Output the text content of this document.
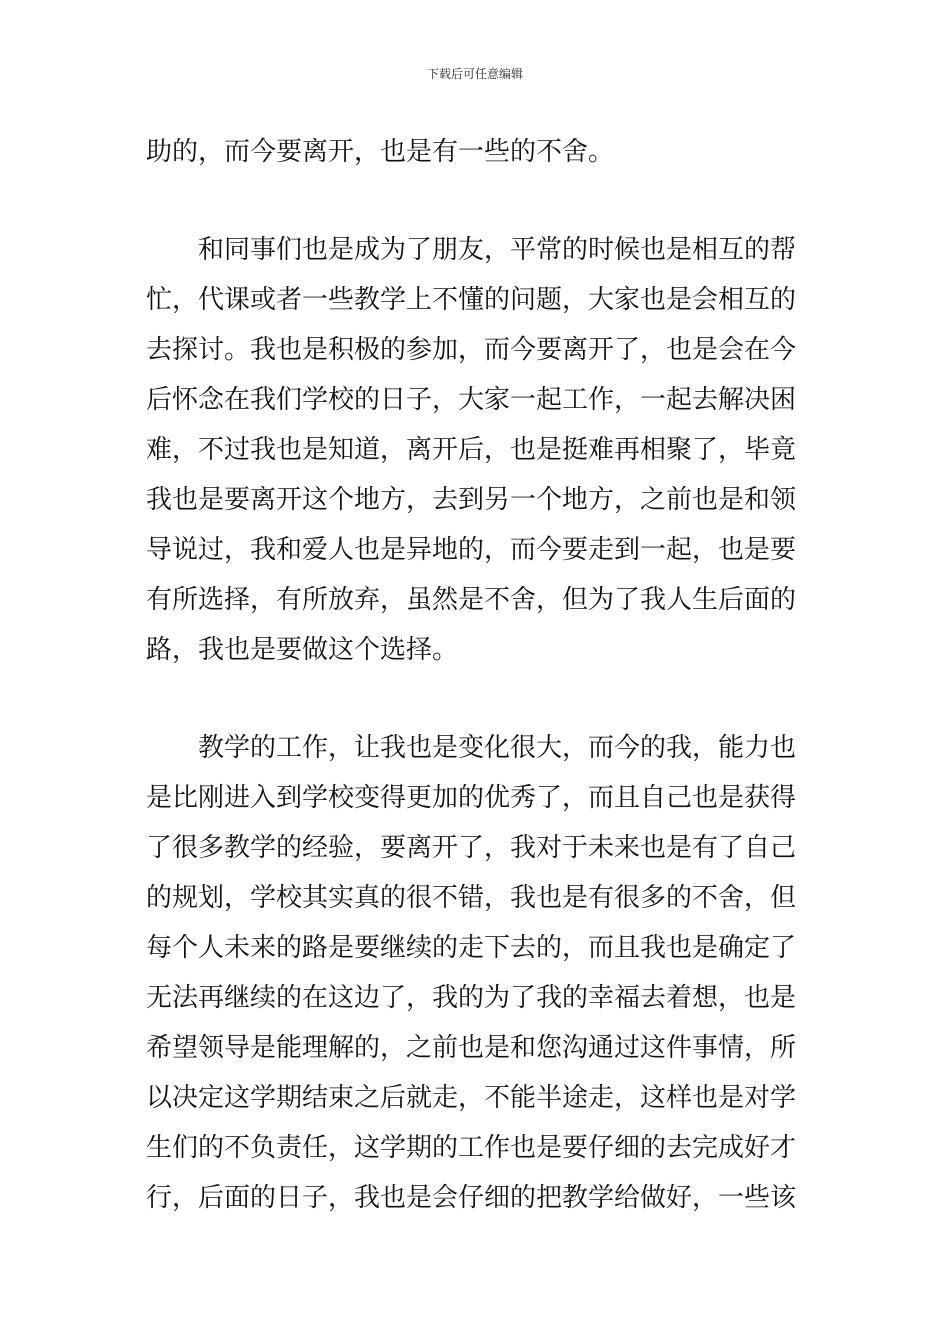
下载后可任意编辑
助的，而今要离开，也是有一些的不舍。
和同事们也是成为了朋友，平常的时候也是相互的帮
忙，代课或者一些教学上不懂的问题，大家也是会相互的
去探讨。我也是积极的参加，而今要离开了，也是会在今
后怀念在我们学校的日子，大家一起工作，一起去解决困
难，不过我也是知道，离开后，也是挺难再相聚了，毕竟
我也是要离开这个地方，去到另一个地方，之前也是和领
导说过，我和爱人也是异地的，而今要走到一起，也是要
有所选择，有所放弃，虽然是不舍，但为了我人生后面的
路，我也是要做这个选择。
教学的工作，让我也是变化很大，而今的我，能力也
是比刚进入到学校变得更加的优秀了，而且自己也是获得
了很多教学的经验，要离开了，我对于未来也是有了自己
的规划，学校其实真的很不错，我也是有很多的不舍，但
每个人未来的路是要继续的走下去的，而且我也是确定了
无法再继续的在这边了，我的为了我的幸福去着想，也是
希望领导是能理解的，之前也是和您沟通过这件事情，所
以决定这学期结束之后就走，不能半途走，这样也是对学
生们的不负责任，这学期的工作也是要仔细的去完成好才
行，后面的日子，我也是会仔细的把教学给做好，一些该
